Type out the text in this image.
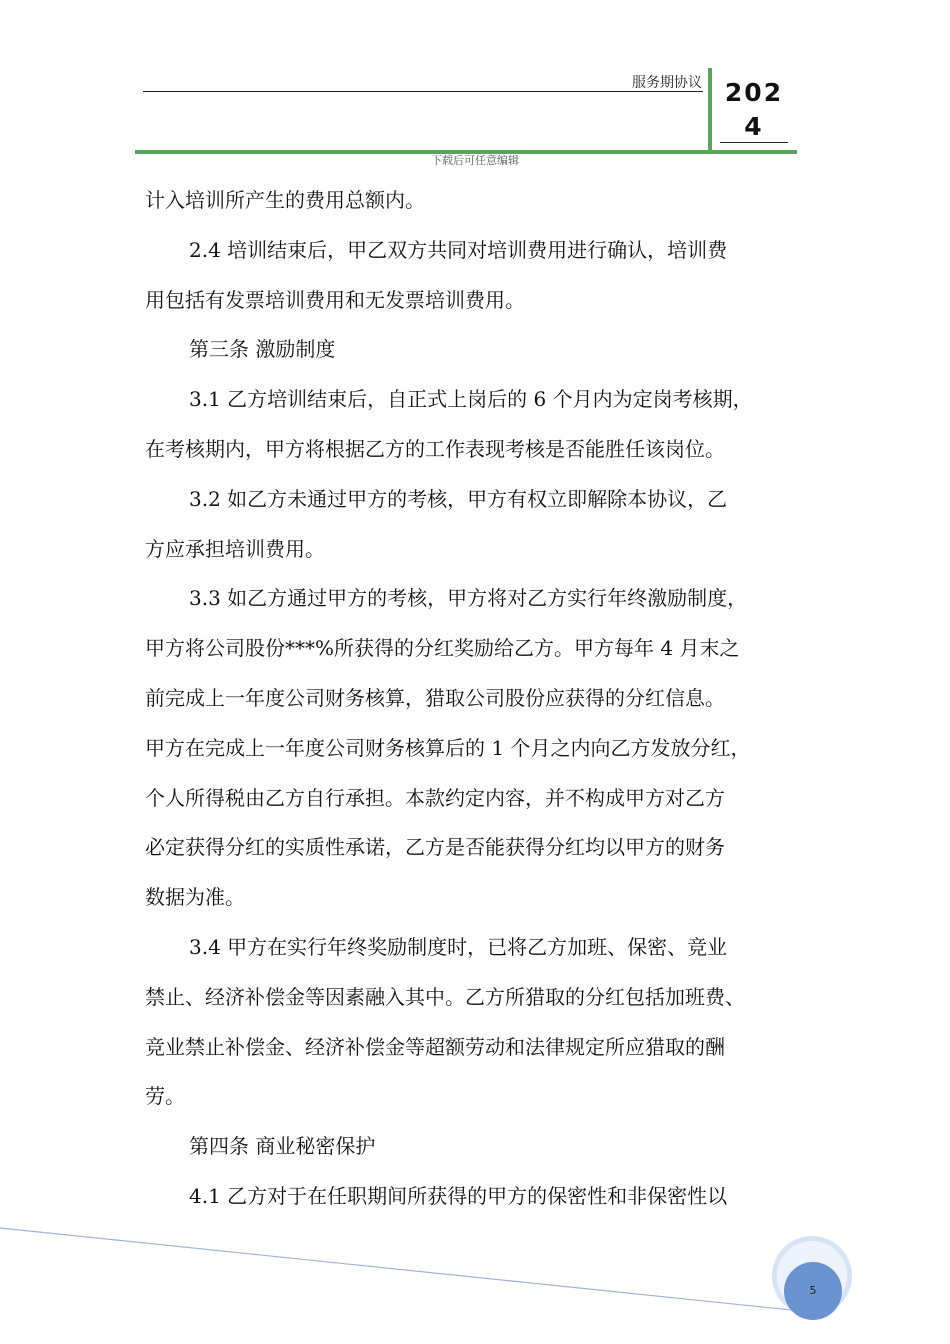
服务期协议 202
4
下载后可任意编辑
计入培训所产生的费用总额内。
2.4 培训结束后，甲乙双方共同对培训费用进行确认，培训费
用包括有发票培训费用和无发票培训费用。
第三条 激励制度
3.1 乙方培训结束后，自正式上岗后的 6 个月内为定岗考核期，
在考核期内，甲方将根据乙方的工作表现考核是否能胜任该岗位。
3.2 如乙方未通过甲方的考核，甲方有权立即解除本协议，乙
方应承担培训费用。
3.3 如乙方通过甲方的考核，甲方将对乙方实行年终激励制度，
甲方将公司股份***%所获得的分红奖励给乙方。甲方每年 4 月末之
前完成上一年度公司财务核算，猎取公司股份应获得的分红信息。
甲方在完成上一年度公司财务核算后的 1 个月之内向乙方发放分红，
个人所得税由乙方自行承担。本款约定内容，并不构成甲方对乙方
必定获得分红的实质性承诺，乙方是否能获得分红均以甲方的财务
数据为准。
3.4 甲方在实行年终奖励制度时，已将乙方加班、保密、竞业
禁止、经济补偿金等因素融入其中。乙方所猎取的分红包括加班费、
竞业禁止补偿金、经济补偿金等超额劳动和法律规定所应猎取的酬
劳。
第四条 商业秘密保护
4.1 乙方对于在任职期间所获得的甲方的保密性和非保密性以
5
